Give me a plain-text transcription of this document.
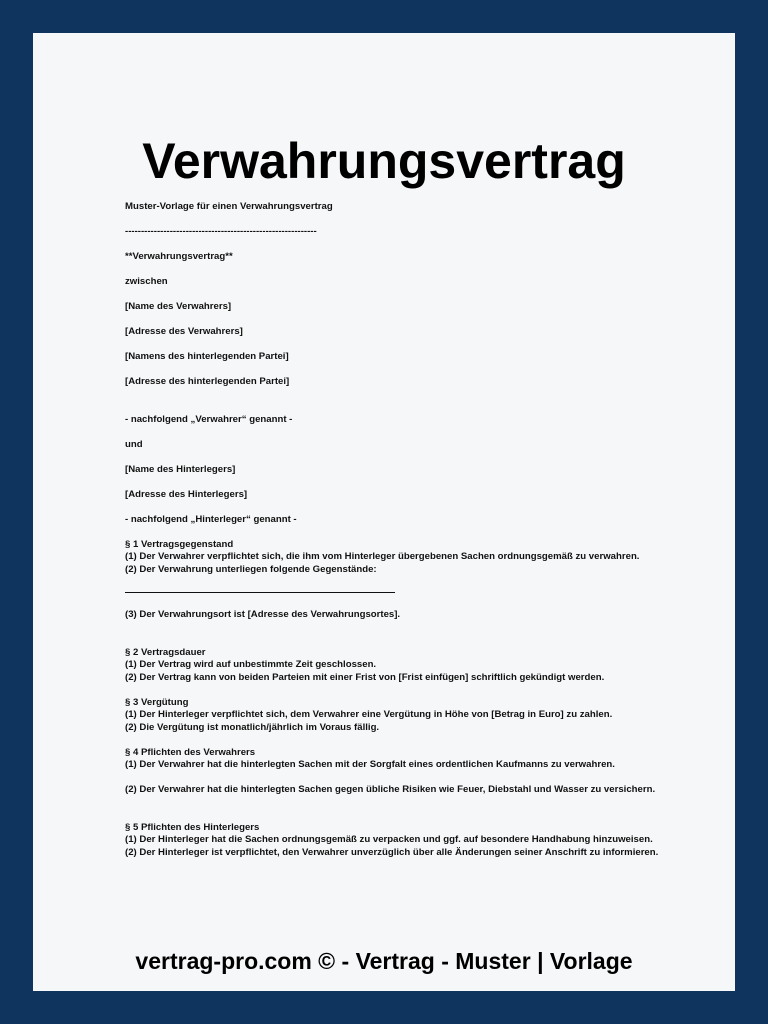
Verwahrungsvertrag

Muster-Vorlage für einen Verwahrungsvertrag

------------------------------------------------------------

**Verwahrungsvertrag**

zwischen

[Name des Verwahrers]

[Adresse des Verwahrers]

[Namens des hinterlegenden Partei]

[Adresse des hinterlegenden Partei]

- nachfolgend „Verwahrer“ genannt -

und

[Name des Hinterlegers]

[Adresse des Hinterlegers]

- nachfolgend „Hinterleger“ genannt -

§ 1 Vertragsgegenstand

(1) Der Verwahrer verpflichtet sich, die ihm vom Hinterleger übergebenen Sachen ordnungsgemäß zu verwahren.

(2) Der Verwahrung unterliegen folgende Gegenstände:

(3) Der Verwahrungsort ist [Adresse des Verwahrungsortes].

§ 2 Vertragsdauer

(1) Der Vertrag wird auf unbestimmte Zeit geschlossen.

(2) Der Vertrag kann von beiden Parteien mit einer Frist von [Frist einfügen] schriftlich gekündigt werden.

§ 3 Vergütung

(1) Der Hinterleger verpflichtet sich, dem Verwahrer eine Vergütung in Höhe von [Betrag in Euro] zu zahlen.

(2) Die Vergütung ist monatlich/jährlich im Voraus fällig.

§ 4 Pflichten des Verwahrers

(1) Der Verwahrer hat die hinterlegten Sachen mit der Sorgfalt eines ordentlichen Kaufmanns zu verwahren.

(2) Der Verwahrer hat die hinterlegten Sachen gegen übliche Risiken wie Feuer, Diebstahl und Wasser zu versichern.

§ 5 Pflichten des Hinterlegers

(1) Der Hinterleger hat die Sachen ordnungsgemäß zu verpacken und ggf. auf besondere Handhabung hinzuweisen.

(2) Der Hinterleger ist verpflichtet, den Verwahrer unverzüglich über alle Änderungen seiner Anschrift zu informieren.

vertrag-pro.com © - Vertrag - Muster | Vorlage
